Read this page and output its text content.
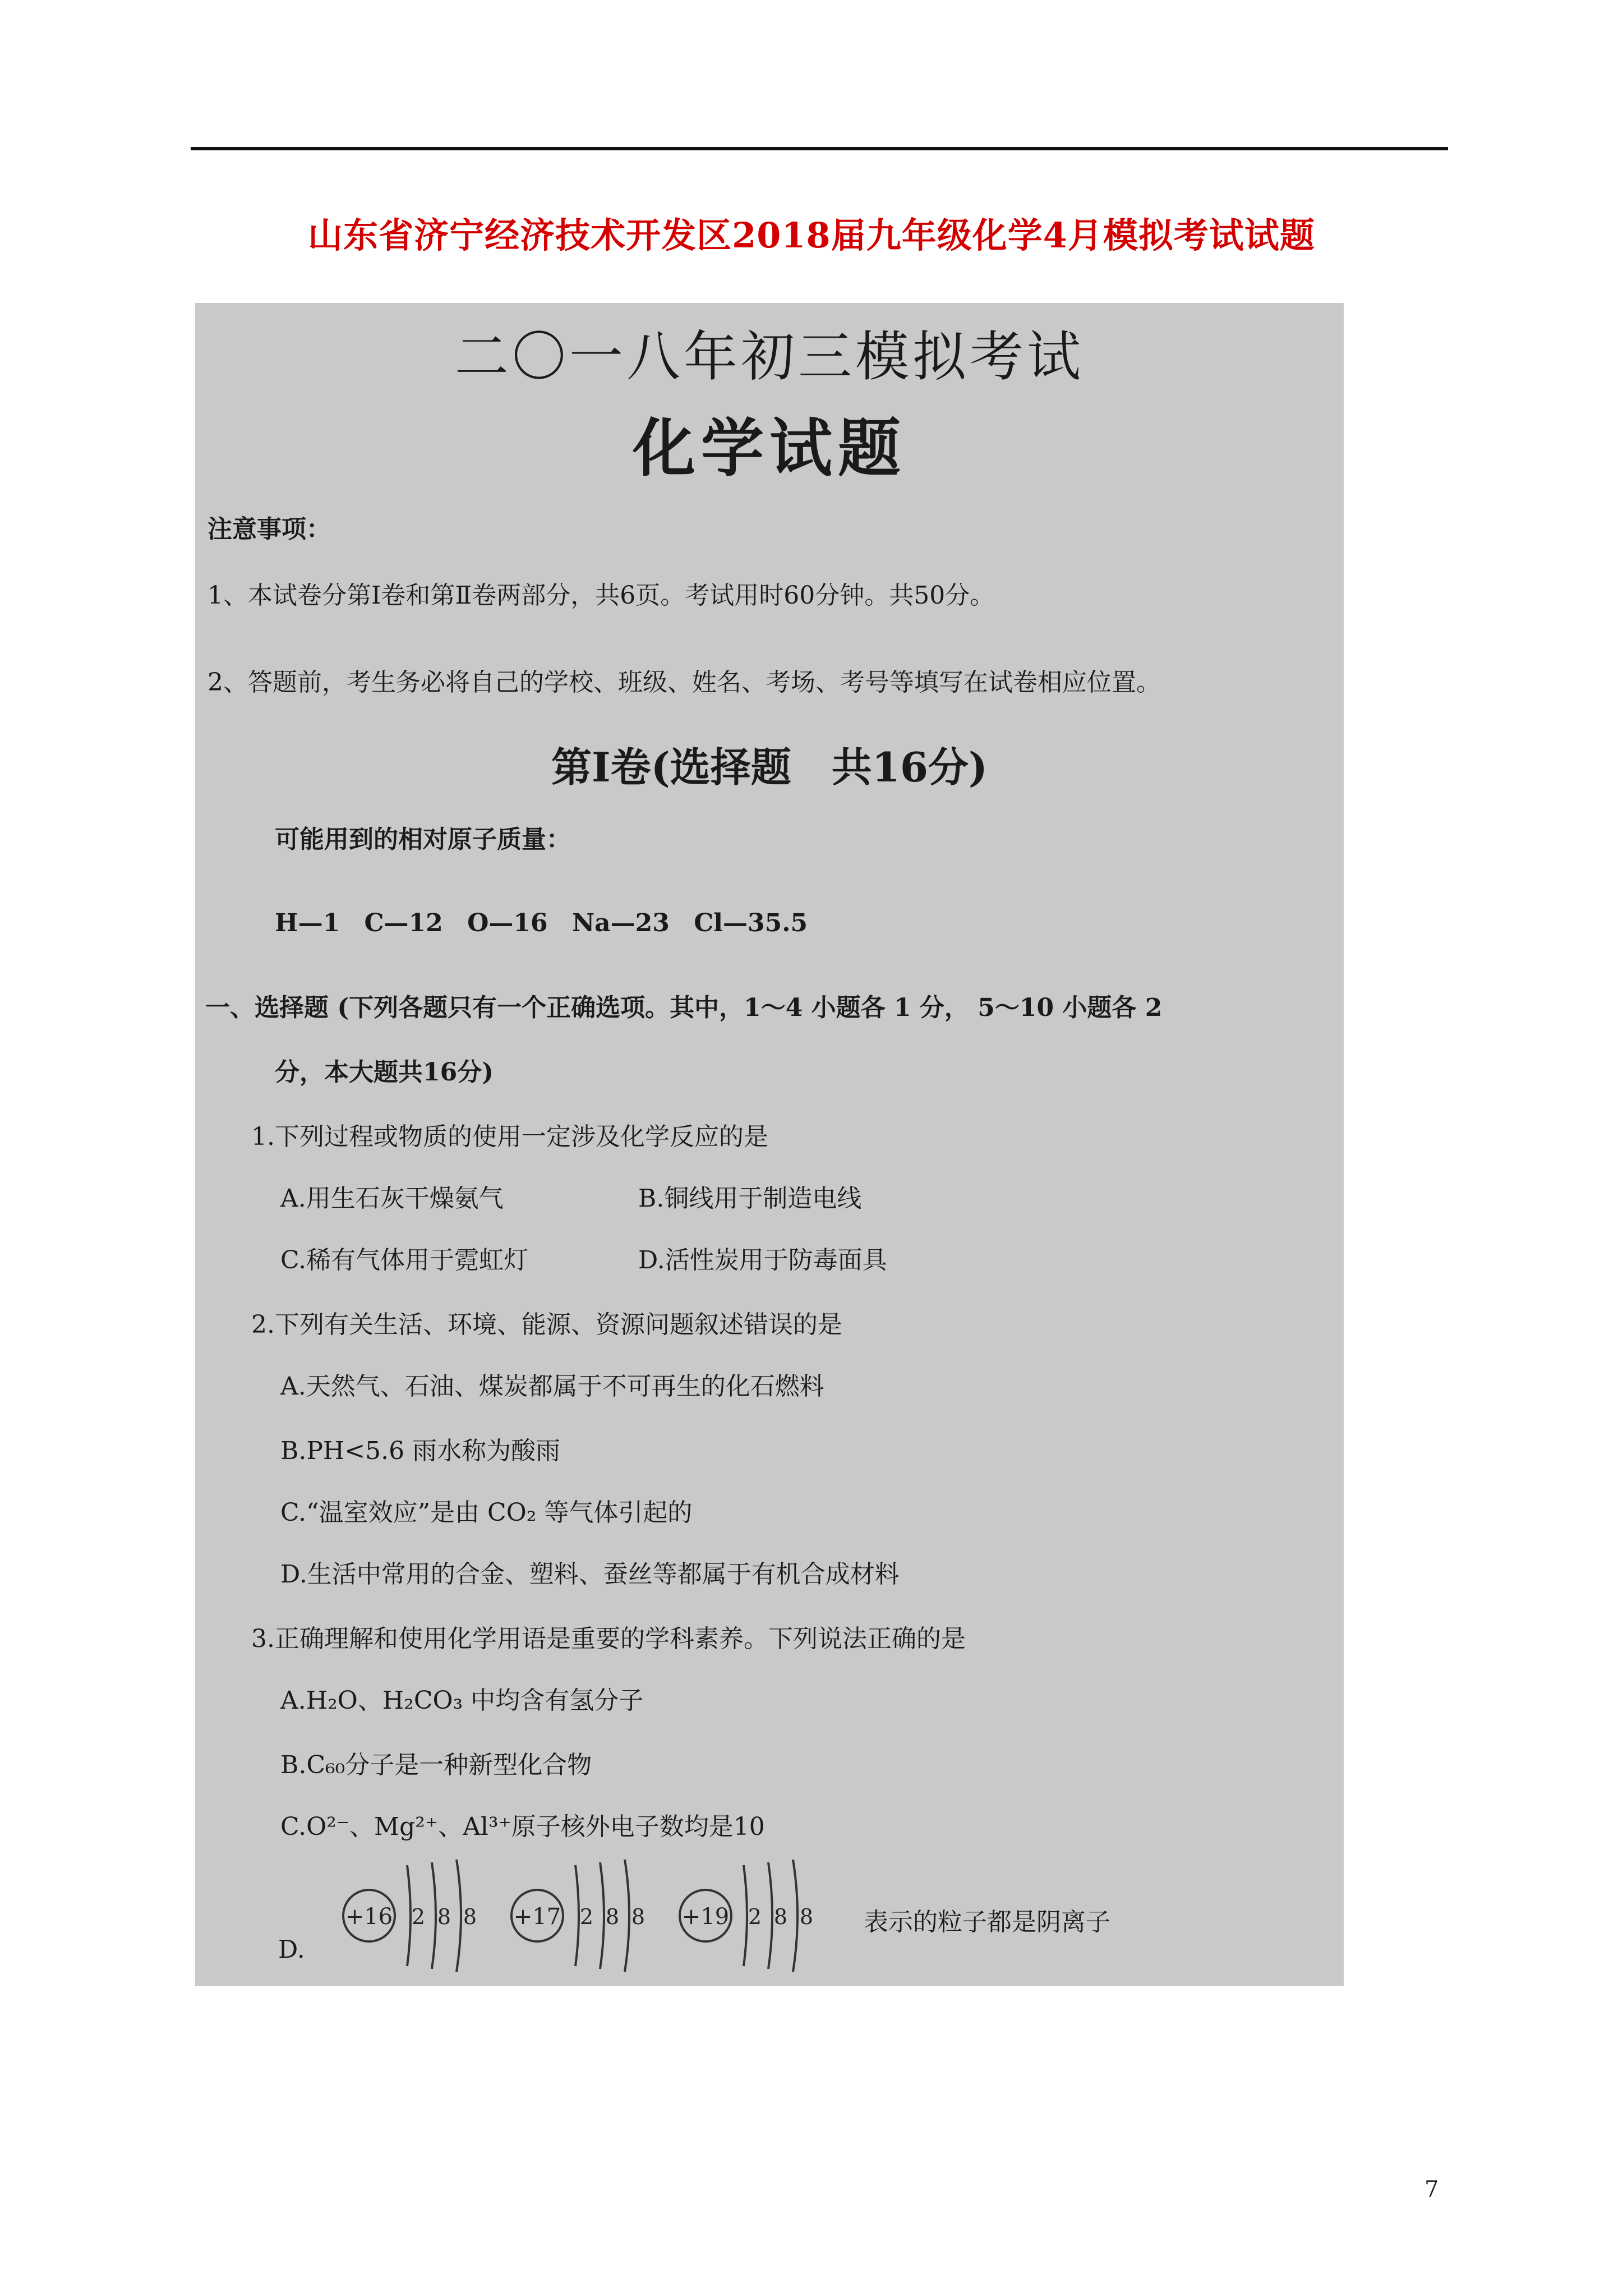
山东省济宁经济技术开发区2018届九年级化学4月模拟考试试题
二〇一八年初三模拟考试
化学试题
注意事项：
1、本试卷分第Ⅰ卷和第Ⅱ卷两部分，共6页。考试用时60分钟。共50分。
2、答题前，考生务必将自己的学校、班级、姓名、考场、考号等填写在试卷相应位置。
第Ⅰ卷(选择题　共16分)
可能用到的相对原子质量：
H—1 C—12 O—16 Na—23 Cl—35.5
一、选择题 (下列各题只有一个正确选项。其中，1～4 小题各 1 分， 5～10 小题各 2
分，本大题共16分)
1.下列过程或物质的使用一定涉及化学反应的是
A.用生石灰干燥氨气	B.铜线用于制造电线
C.稀有气体用于霓虹灯	D.活性炭用于防毒面具
2.下列有关生活、环境、能源、资源问题叙述错误的是
A.天然气、石油、煤炭都属于不可再生的化石燃料
B.PH<5.6 雨水称为酸雨
C.“温室效应”是由 CO₂ 等气体引起的
D.生活中常用的合金、塑料、蚕丝等都属于有机合成材料
3.正确理解和使用化学用语是重要的学科素养。下列说法正确的是
A.H₂O、H₂CO₃ 中均含有氢分子
B.C₆₀分子是一种新型化合物
C.O²⁻、Mg²⁺、Al³⁺原子核外电子数均是10
D.
表示的粒子都是阴离子
+16 2 8 8 +17 2 8 8 +19 2 8 8
7
